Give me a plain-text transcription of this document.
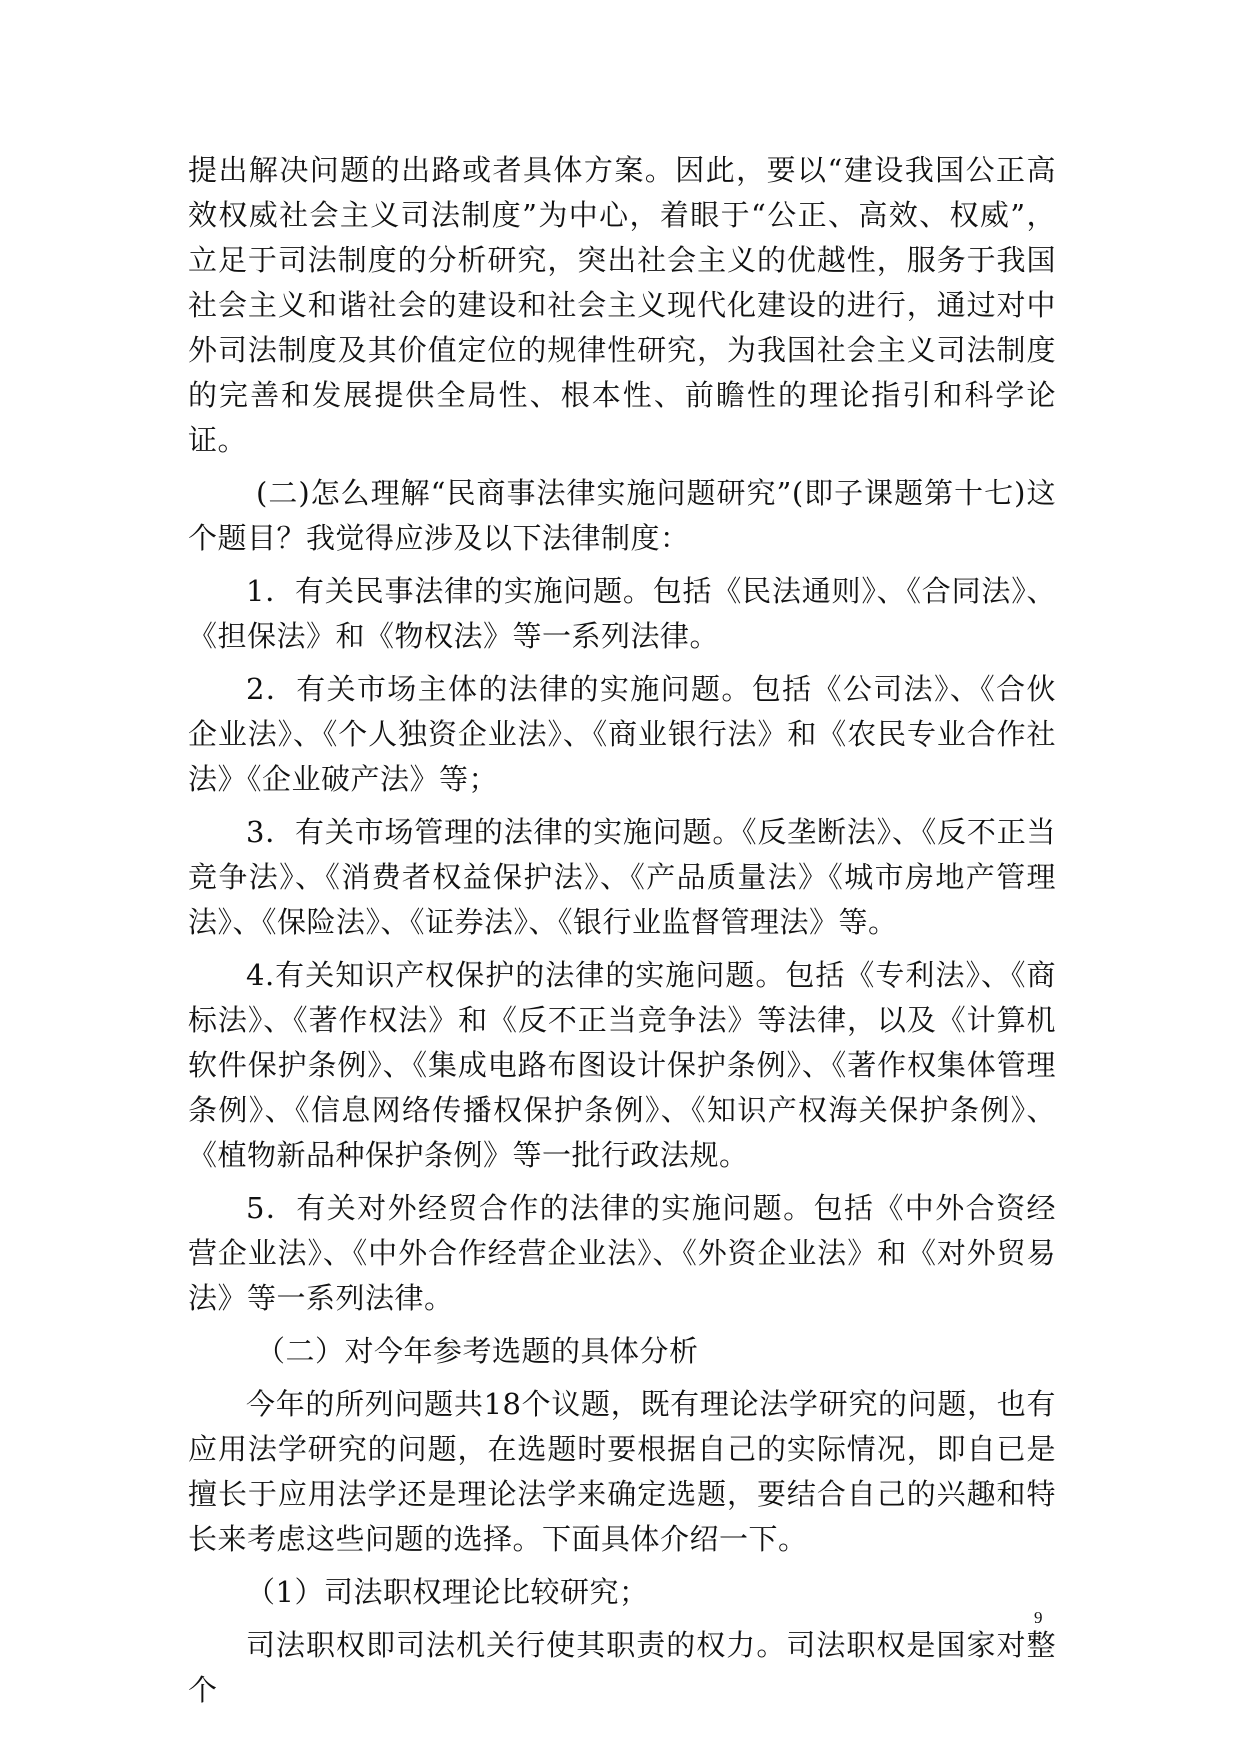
提出解决问题的出路或者具体方案。因此，要以“建设我国公正高效权威社会主义司法制度”为中心，着眼于“公正、高效、权威”，立足于司法制度的分析研究，突出社会主义的优越性，服务于我国社会主义和谐社会的建设和社会主义现代化建设的进行，通过对中外司法制度及其价值定位的规律性研究，为我国社会主义司法制度的完善和发展提供全局性、根本性、前瞻性的理论指引和科学论证。

(二)怎么理解“民商事法律实施问题研究”(即子课题第十七)这个题目？我觉得应涉及以下法律制度：

1．有关民事法律的实施问题。包括《民法通则》、《合同法》、《担保法》和《物权法》等一系列法律。

2．有关市场主体的法律的实施问题。包括《公司法》、《合伙企业法》、《个人独资企业法》、《商业银行法》和《农民专业合作社法》《企业破产法》等；

3．有关市场管理的法律的实施问题。《反垄断法》、《反不正当竞争法》、《消费者权益保护法》、《产品质量法》《城市房地产管理法》、《保险法》、《证券法》、《银行业监督管理法》等。

4.有关知识产权保护的法律的实施问题。包括《专利法》、《商标法》、《著作权法》和《反不正当竞争法》等法律，以及《计算机软件保护条例》、《集成电路布图设计保护条例》、《著作权集体管理条例》、《信息网络传播权保护条例》、《知识产权海关保护条例》、《植物新品种保护条例》等一批行政法规。

5．有关对外经贸合作的法律的实施问题。包括《中外合资经营企业法》、《中外合作经营企业法》、《外资企业法》和《对外贸易法》等一系列法律。

（二）对今年参考选题的具体分析

今年的所列问题共18个议题，既有理论法学研究的问题，也有应用法学研究的问题，在选题时要根据自己的实际情况，即自已是擅长于应用法学还是理论法学来确定选题，要结合自己的兴趣和特长来考虑这些问题的选择。下面具体介绍一下。

（1）司法职权理论比较研究；

司法职权即司法机关行使其职责的权力。司法职权是国家对整个

9
